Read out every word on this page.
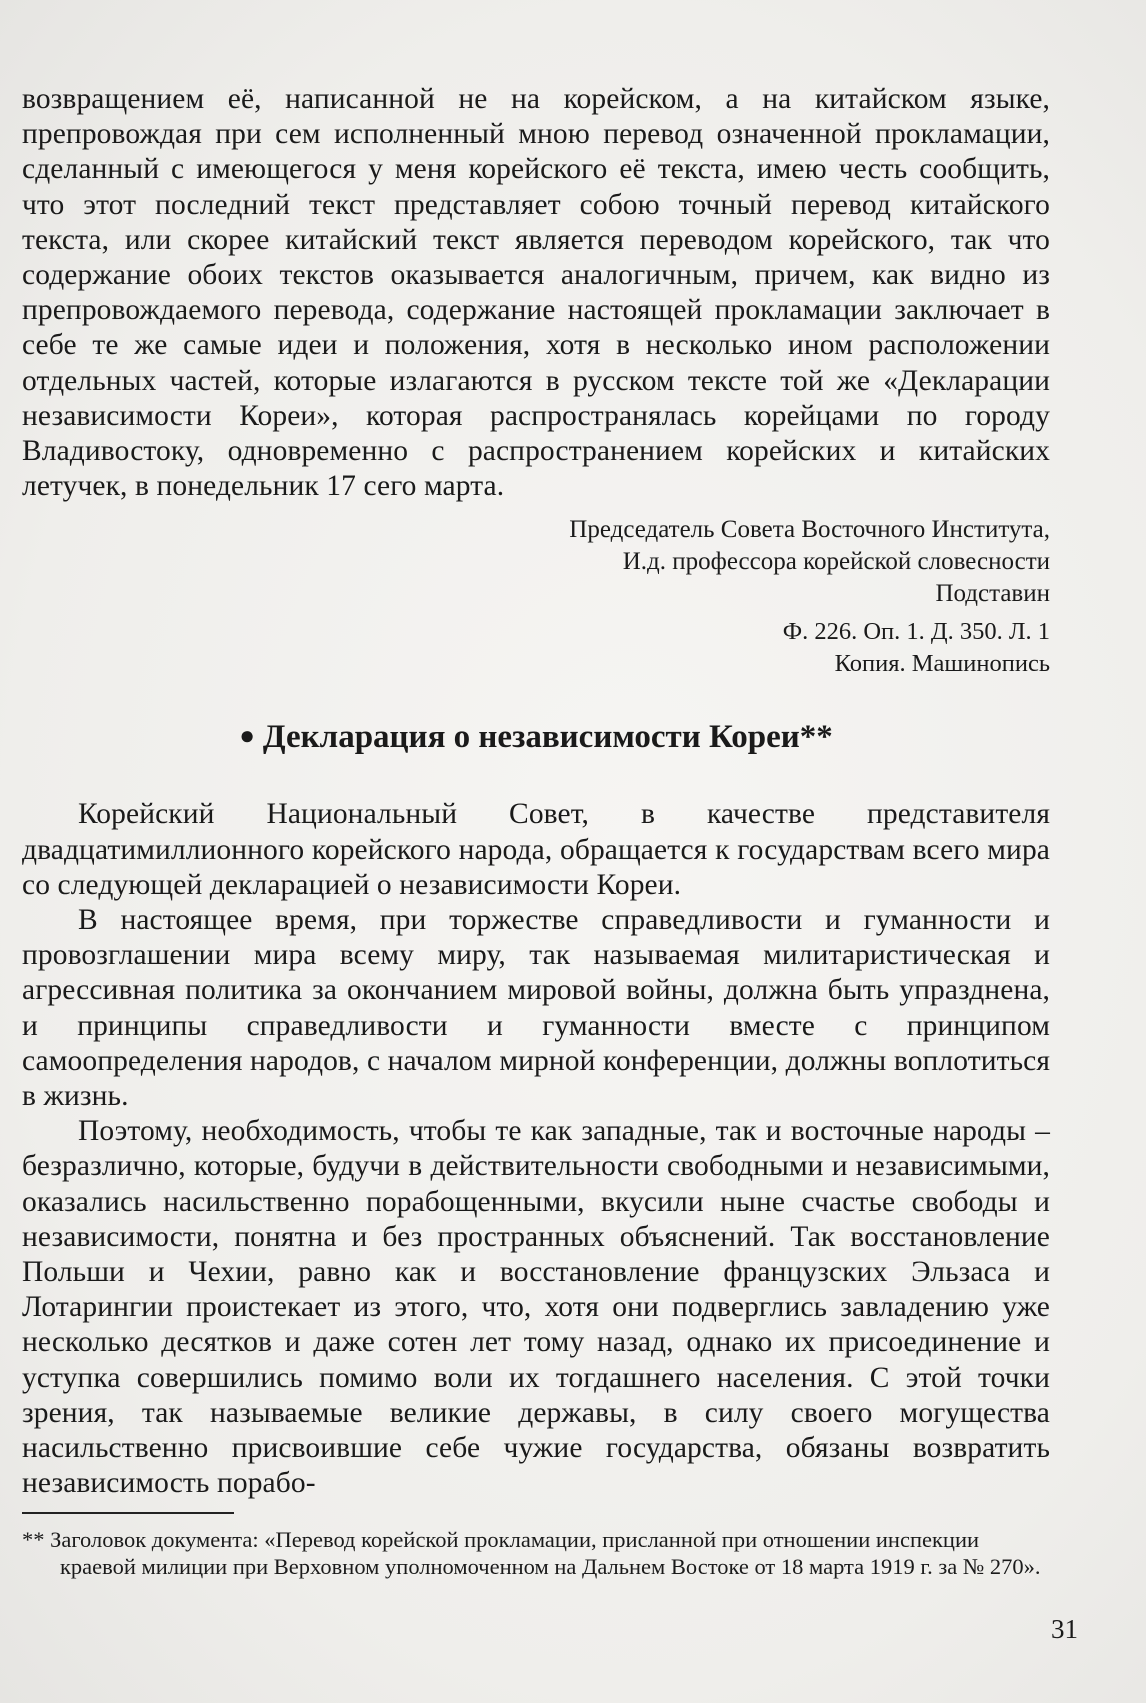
возвращением её, написанной не на корейском, а на китайском языке, препровождая при сем исполненный мною перевод означенной прокламации, сделанный с имеющегося у меня корейского её текста, имею честь сообщить, что этот последний текст представляет собою точный перевод китайского текста, или скорее китайский текст является переводом корейского, так что содержание обоих текстов оказывается аналогичным, причем, как видно из препровождаемого перевода, содержание настоящей прокламации заключает в себе те же самые идеи и положения, хотя в несколько ином расположении отдельных частей, которые излагаются в русском тексте той же «Декларации независимости Кореи», которая распространялась корейцами по городу Владивостоку, одновременно с распространением корейских и китайских летучек, в понедельник 17 сего марта.

Председатель Совета Восточного Института,
И.д. профессора корейской словесности
Подставин
Ф. 226. Оп. 1. Д. 350. Л. 1
Копия. Машинопись
● Декларация о независимости Кореи**

Корейский Национальный Совет, в качестве представителя двадцатимиллионного корейского народа, обращается к государствам всего мира со следующей декларацией о независимости Кореи.

В настоящее время, при торжестве справедливости и гуманности и провозглашении мира всему миру, так называемая милитаристическая и агрессивная политика за окончанием мировой войны, должна быть упразднена, и принципы справедливости и гуманности вместе с принципом самоопределения народов, с началом мирной конференции, должны воплотиться в жизнь.

Поэтому, необходимость, чтобы те как западные, так и восточные народы – безразлично, которые, будучи в действительности свободными и независимыми, оказались насильственно порабощенными, вкусили ныне счастье свободы и независимости, понятна и без пространных объяснений. Так восстановление Польши и Чехии, равно как и восстановление французских Эльзаса и Лотарингии проистекает из этого, что, хотя они подверглись завладению уже несколько десятков и даже сотен лет тому назад, однако их присоединение и уступка совершились помимо воли их тогдашнего населения. С этой точки зрения, так называемые великие державы, в силу своего могущества насильственно присвоившие себе чужие государства, обязаны возвратить независимость порабо-

** Заголовок документа: «Перевод корейской прокламации, присланной при отношении инспекции краевой милиции при Верховном уполномоченном на Дальнем Востоке от 18 марта 1919 г. за № 270».

31
